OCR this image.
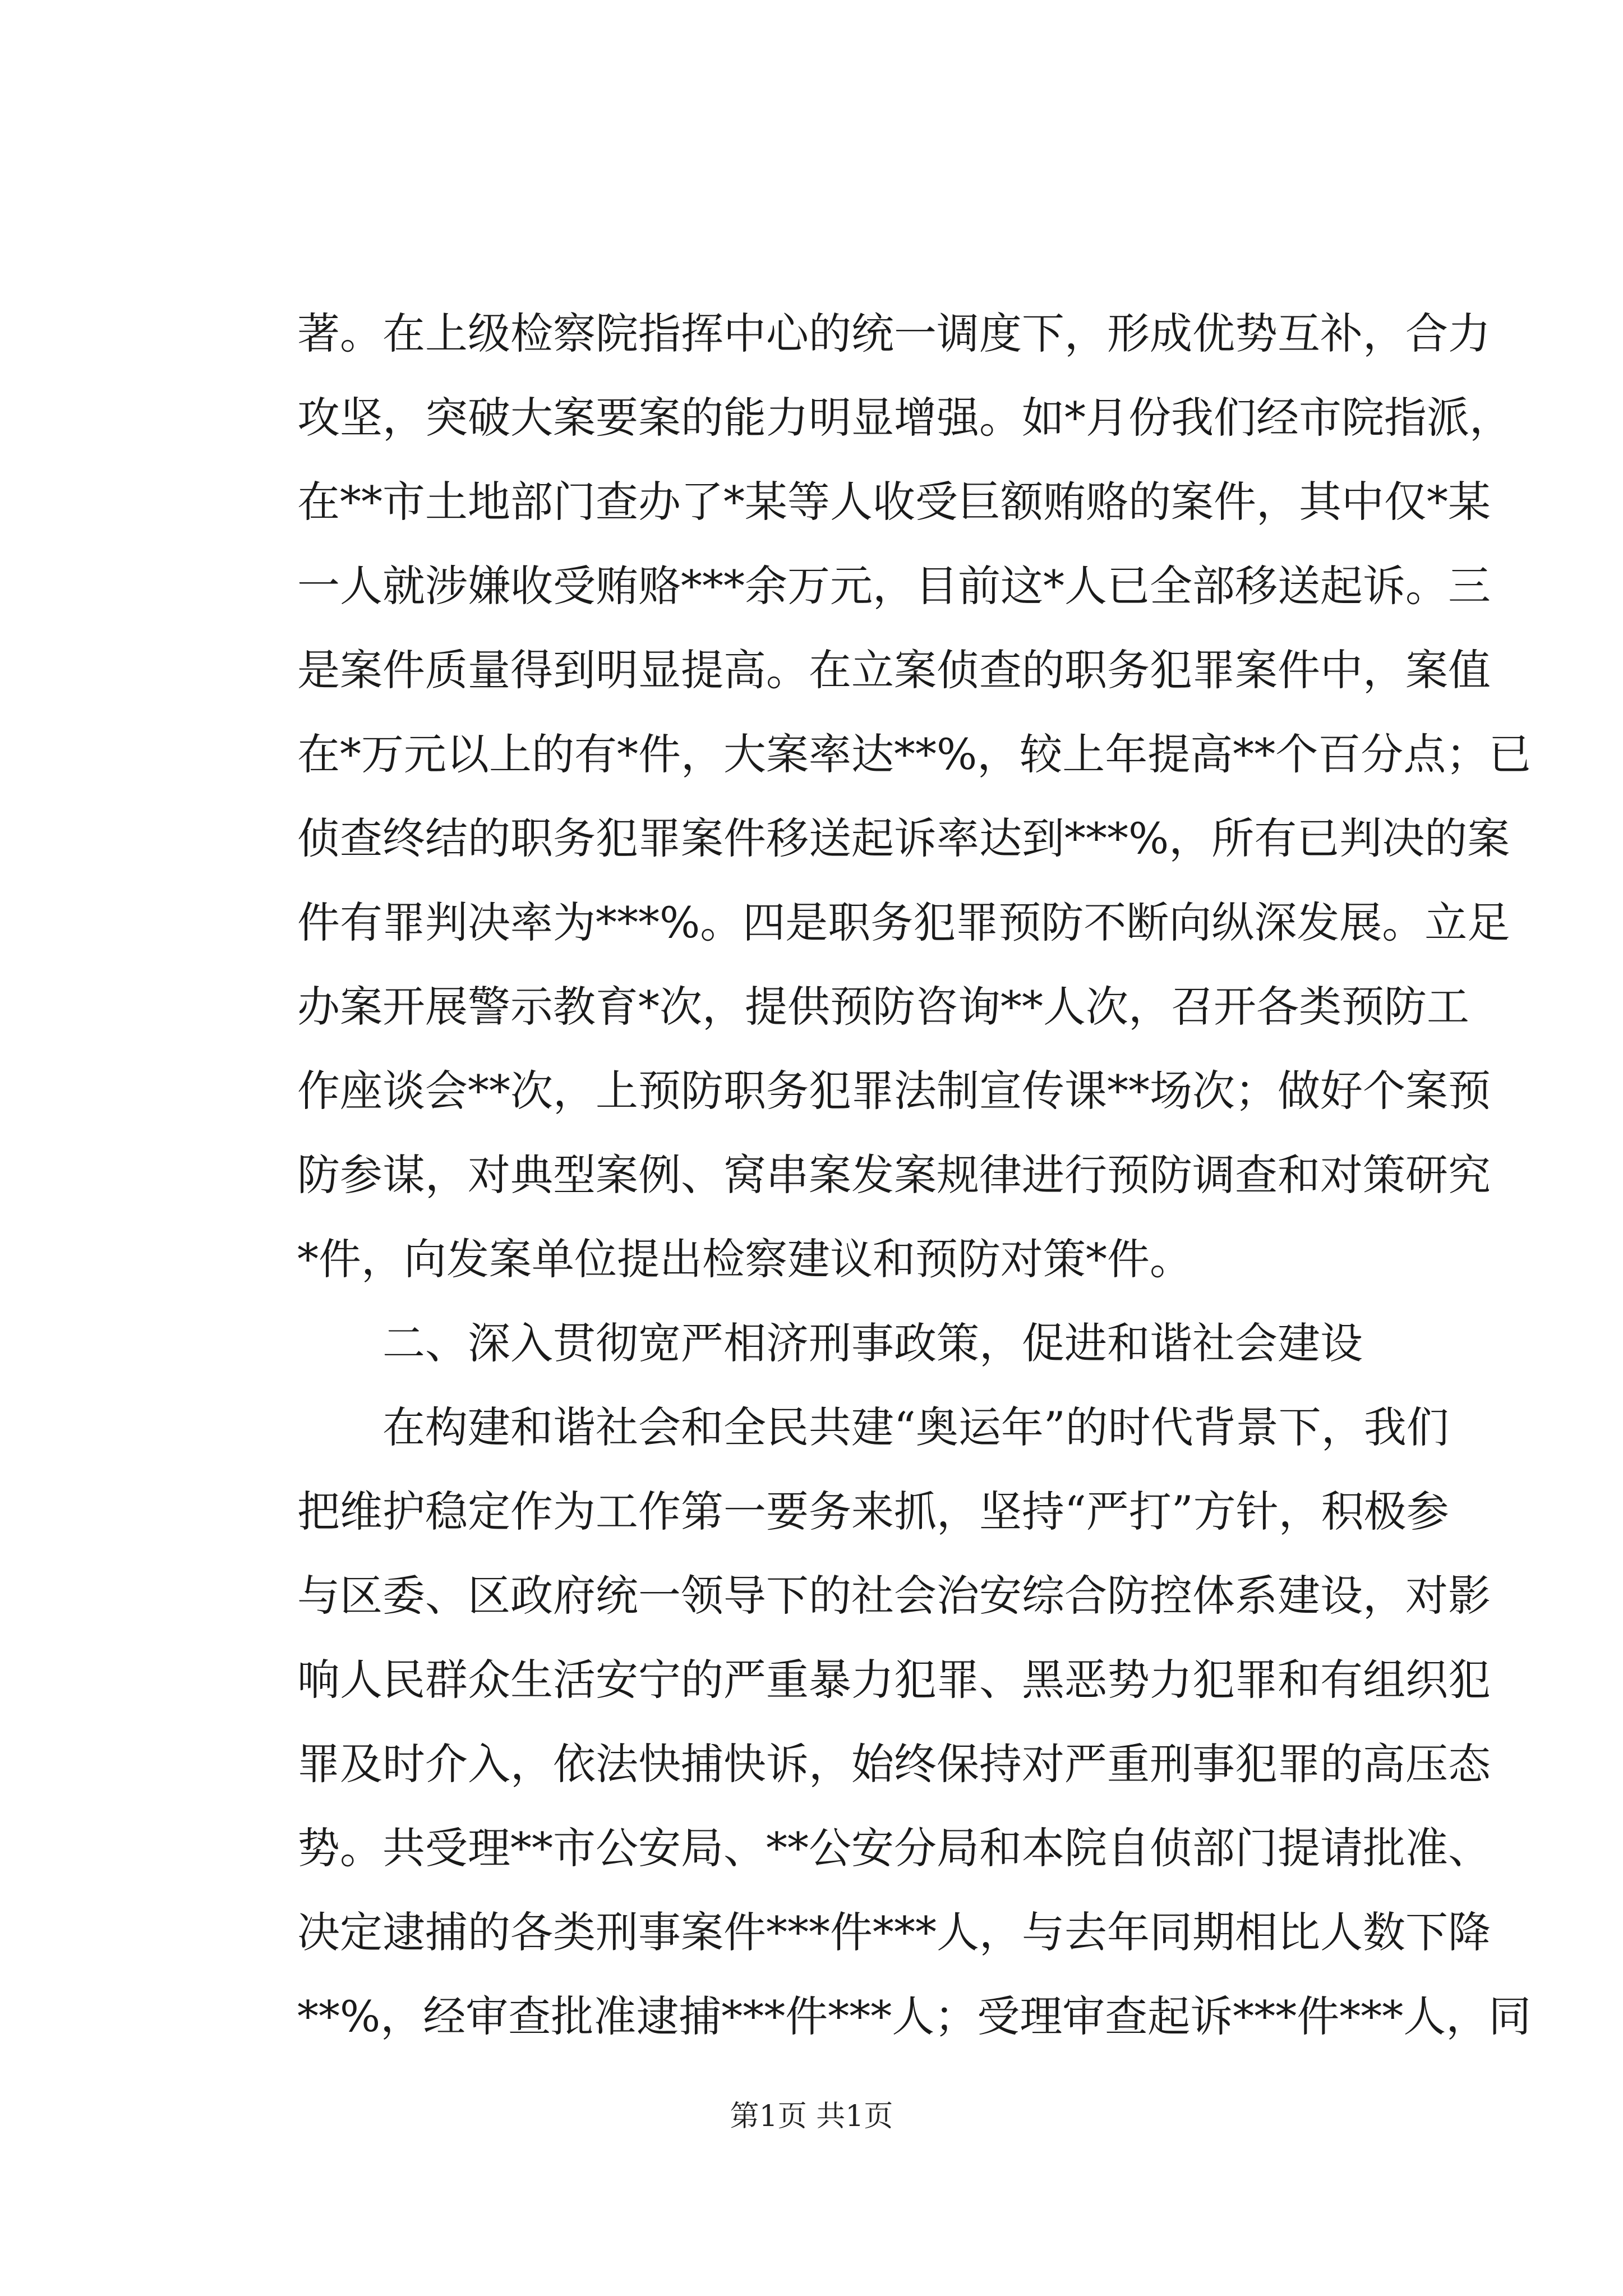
著。在上级检察院指挥中心的统一调度下，形成优势互补，合力
攻坚，突破大案要案的能力明显增强。如*月份我们经市院指派，
在**市土地部门查办了*某等人收受巨额贿赂的案件，其中仅*某
一人就涉嫌收受贿赂***余万元，目前这*人已全部移送起诉。三
是案件质量得到明显提高。在立案侦查的职务犯罪案件中，案值
在*万元以上的有*件，大案率达**%，较上年提高**个百分点；已
侦查终结的职务犯罪案件移送起诉率达到***%，所有已判决的案
件有罪判决率为***%。四是职务犯罪预防不断向纵深发展。立足
办案开展警示教育*次，提供预防咨询**人次，召开各类预防工
作座谈会**次，上预防职务犯罪法制宣传课**场次；做好个案预
防参谋，对典型案例、窝串案发案规律进行预防调查和对策研究
*件，向发案单位提出检察建议和预防对策*件。
二、深入贯彻宽严相济刑事政策，促进和谐社会建设
在构建和谐社会和全民共建“奥运年”的时代背景下，我们
把维护稳定作为工作第一要务来抓，坚持“严打”方针，积极参
与区委、区政府统一领导下的社会治安综合防控体系建设，对影
响人民群众生活安宁的严重暴力犯罪、黑恶势力犯罪和有组织犯
罪及时介入，依法快捕快诉，始终保持对严重刑事犯罪的高压态
势。共受理**市公安局、**公安分局和本院自侦部门提请批准、
决定逮捕的各类刑事案件***件***人，与去年同期相比人数下降
**%，经审查批准逮捕***件***人；受理审查起诉***件***人，同
第1页 共1页
